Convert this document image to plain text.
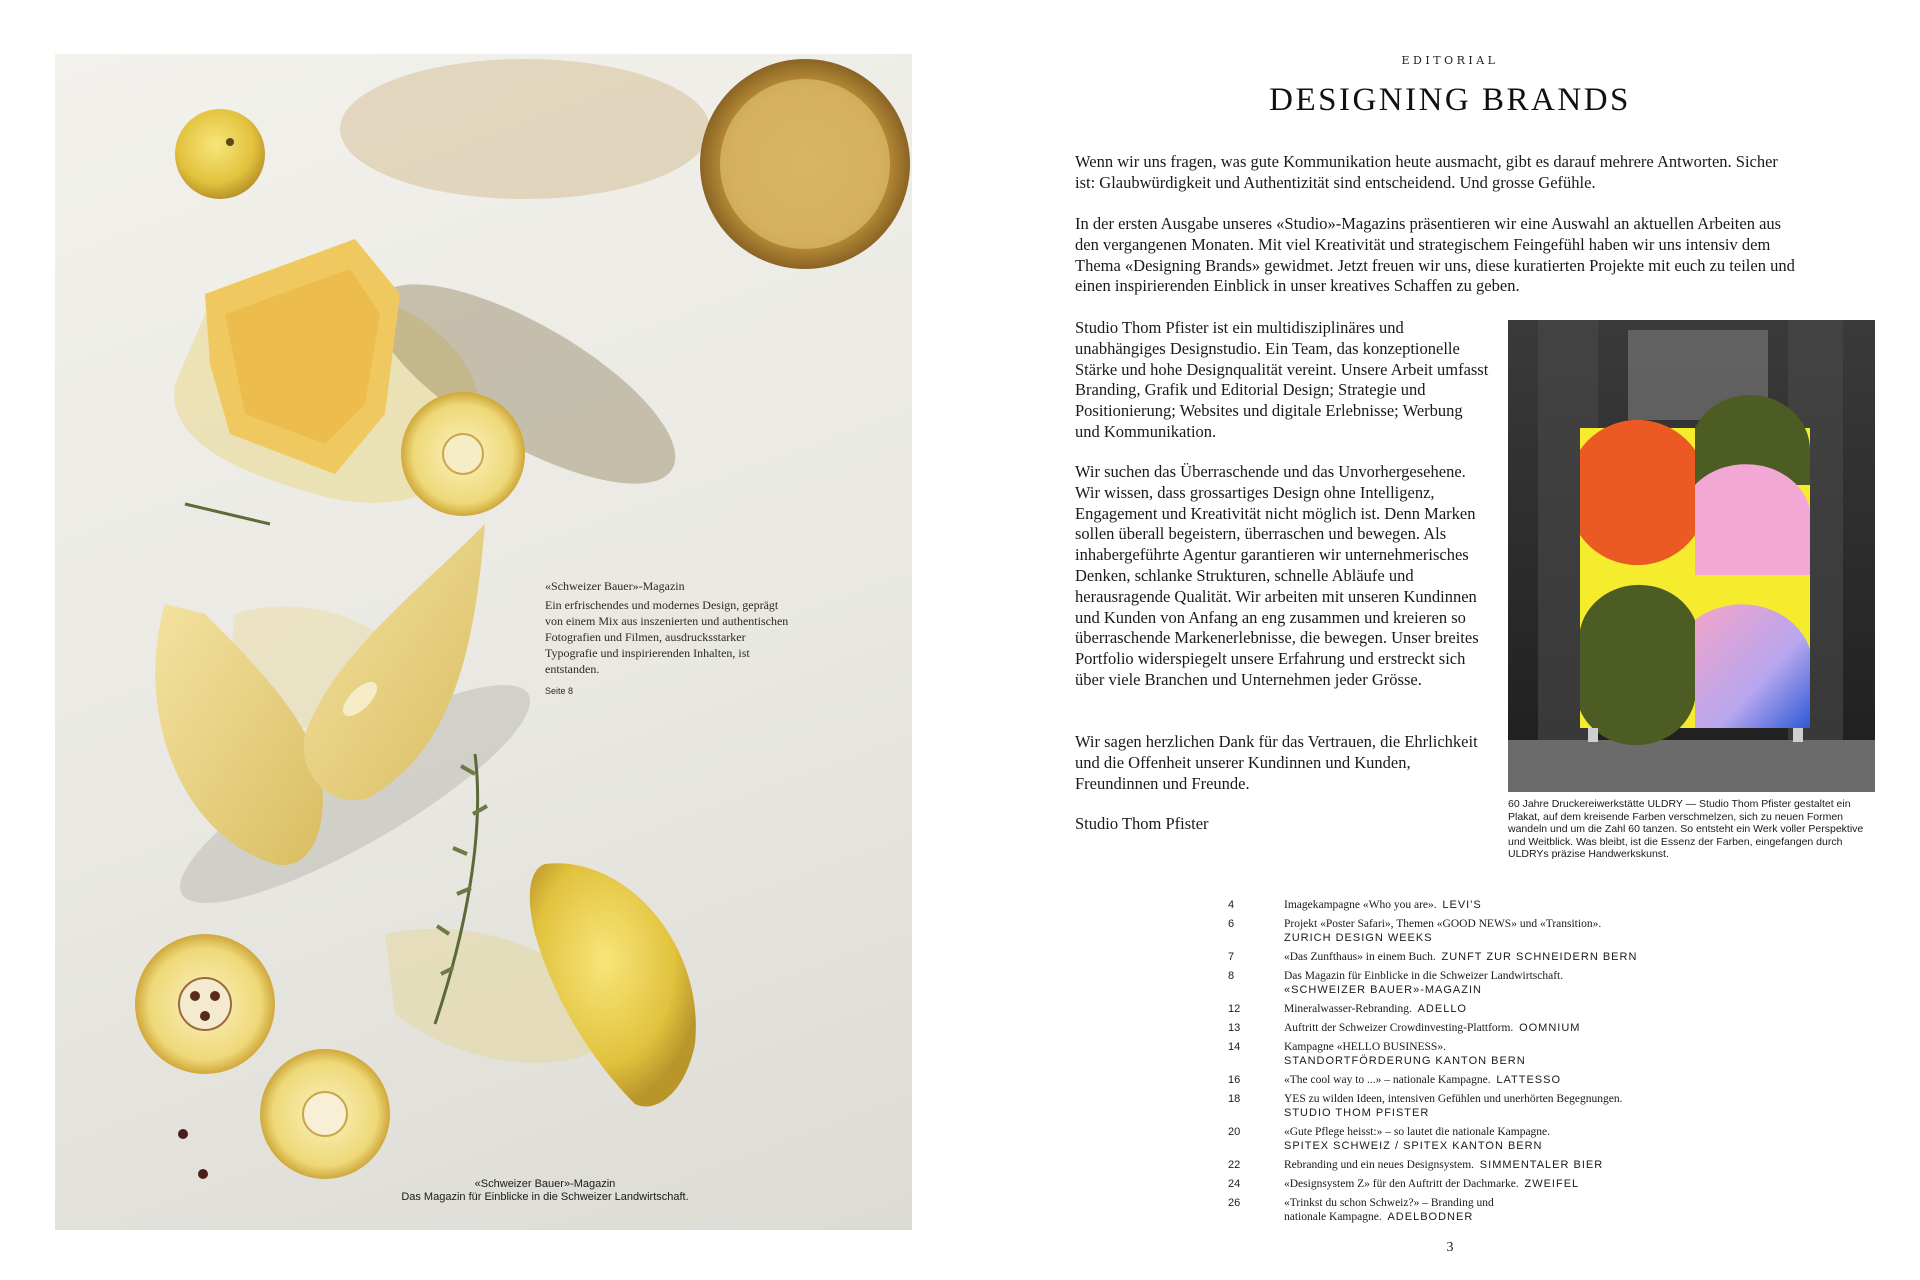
«Schweizer Bauer»-Magazin
Ein erfrischendes und modernes Design, geprägt von einem Mix aus inszenierten und authentischen Fotografien und Filmen, ausdrucksstarker Typografie und inspirierenden Inhalten, ist entstanden.
Seite 8
«Schweizer Bauer»-Magazin
Das Magazin für Einblicke in die Schweizer Landwirtschaft.
EDITORIAL
DESIGNING BRANDS
Wenn wir uns fragen, was gute Kommunikation heute ausmacht, gibt es darauf mehrere Antworten. Sicher ist: Glaubwürdigkeit und Authentizität sind entscheidend. Und grosse Gefühle.
In der ersten Ausgabe unseres «Studio»-Magazins präsentieren wir eine Auswahl an aktuellen Arbeiten aus den vergangenen Monaten. Mit viel Kreativität und strategischem Feingefühl haben wir uns intensiv dem Thema «Designing Brands» gewidmet. Jetzt freuen wir uns, diese kuratierten Projekte mit euch zu teilen und einen inspirierenden Einblick in unser kreatives Schaffen zu geben.
Studio Thom Pfister ist ein multidisziplinäres und unabhängiges Designstudio. Ein Team, das konzeptionelle Stärke und hohe Designqualität vereint. Unsere Arbeit umfasst Branding, Grafik und Editorial Design; Strategie und Positionierung; Websites und digitale Erlebnisse; Werbung und Kommunikation.
Wir suchen das Überraschende und das Unvorhergesehene. Wir wissen, dass grossartiges Design ohne Intelligenz, Engagement und Kreativität nicht möglich ist. Denn Marken sollen überall begeistern, überraschen und bewegen. Als inhabergeführte Agentur garantieren wir unternehmerisches Denken, schlanke Strukturen, schnelle Abläufe und herausragende Qualität. Wir arbeiten mit unseren Kundinnen und Kunden von Anfang an eng zusammen und kreieren so überraschende Markenerlebnisse, die bewegen. Unser breites Portfolio widerspiegelt unsere Erfahrung und erstreckt sich über viele Branchen und Unternehmen jeder Grösse.
Wir sagen herzlichen Dank für das Vertrauen, die Ehrlichkeit und die Offenheit unserer Kundinnen und Kunden, Freundinnen und Freunde.
Studio Thom Pfister
60 Jahre Druckereiwerkstätte ULDRY — Studio Thom Pfister gestaltet ein Plakat, auf dem kreisende Farben verschmelzen, sich zu neuen Formen wandeln und um die Zahl 60 tanzen. So entsteht ein Werk voller Perspektive und Weitblick. Was bleibt, ist die Essenz der Farben, eingefangen durch ULDRYs präzise Handwerkskunst.
4	Imagekampagne «Who you are». LEVI'S
6	Projekt «Poster Safari», Themen «GOOD NEWS» und «Transition».
ZURICH DESIGN WEEKS
7	«Das Zunfthaus» in einem Buch. ZUNFT ZUR SCHNEIDERN BERN
8	Das Magazin für Einblicke in die Schweizer Landwirtschaft.
«SCHWEIZER BAUER»-MAGAZIN
12	Mineralwasser-Rebranding. ADELLO
13	Auftritt der Schweizer Crowdinvesting-Plattform. OOMNIUM
14	Kampagne «HELLO BUSINESS».
STANDORTFÖRDERUNG KANTON BERN
16	«The cool way to ...» – nationale Kampagne. LATTESSO
18	YES zu wilden Ideen, intensiven Gefühlen und unerhörten Begegnungen.
STUDIO THOM PFISTER
20	«Gute Pflege heisst:» – so lautet die nationale Kampagne.
SPITEX SCHWEIZ / SPITEX KANTON BERN
22	Rebranding und ein neues Designsystem. SIMMENTALER BIER
24	«Designsystem Z» für den Auftritt der Dachmarke. ZWEIFEL
26	«Trinkst du schon Schweiz?» – Branding und nationale Kampagne. ADELBODNER
3
